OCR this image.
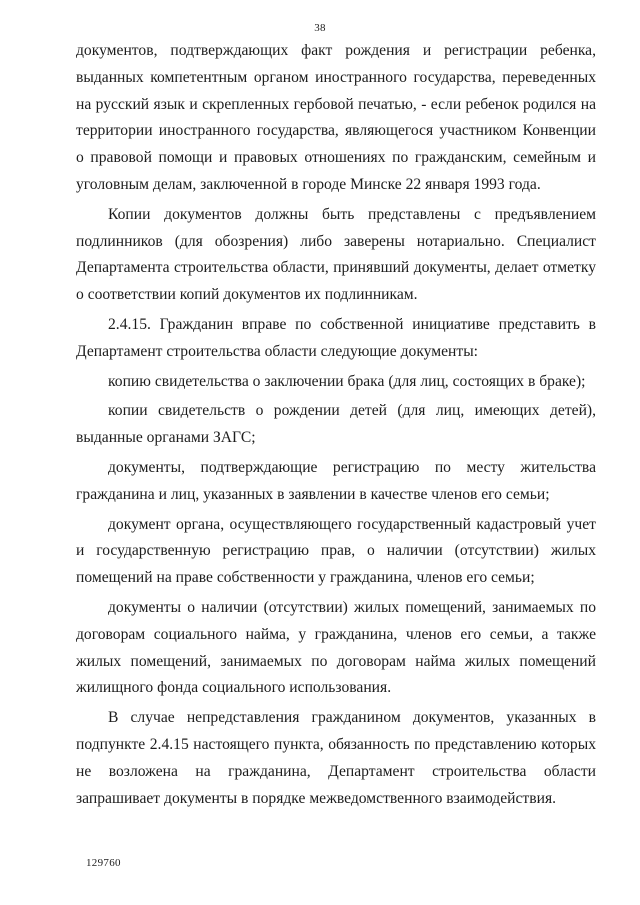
38

документов, подтверждающих факт рождения и регистрации ребенка, выданных компетентным органом иностранного государства, переведенных на русский язык и скрепленных гербовой печатью, - если ребенок родился на территории иностранного государства, являющегося участником Конвенции о правовой помощи и правовых отношениях по гражданским, семейным и уголовным делам, заключенной в городе Минске 22 января 1993 года.

Копии документов должны быть представлены с предъявлением подлинников (для обозрения) либо заверены нотариально. Специалист Департамента строительства области, принявший документы, делает отметку о соответствии копий документов их подлинникам.

2.4.15. Гражданин вправе по собственной инициативе представить в Департамент строительства области следующие документы:

копию свидетельства о заключении брака (для лиц, состоящих в браке);

копии свидетельств о рождении детей (для лиц, имеющих детей), выданные органами ЗАГС;

документы, подтверждающие регистрацию по месту жительства гражданина и лиц, указанных в заявлении в качестве членов его семьи;

документ органа, осуществляющего государственный кадастровый учет и государственную регистрацию прав, о наличии (отсутствии) жилых помещений на праве собственности у гражданина, членов его семьи;

документы о наличии (отсутствии) жилых помещений, занимаемых по договорам социального найма, у гражданина, членов его семьи, а также жилых помещений, занимаемых по договорам найма жилых помещений жилищного фонда социального использования.

В случае непредставления гражданином документов, указанных в подпункте 2.4.15 настоящего пункта, обязанность по представлению которых не возложена на гражданина, Департамент строительства области запрашивает документы в порядке межведомственного взаимодействия.

129760
